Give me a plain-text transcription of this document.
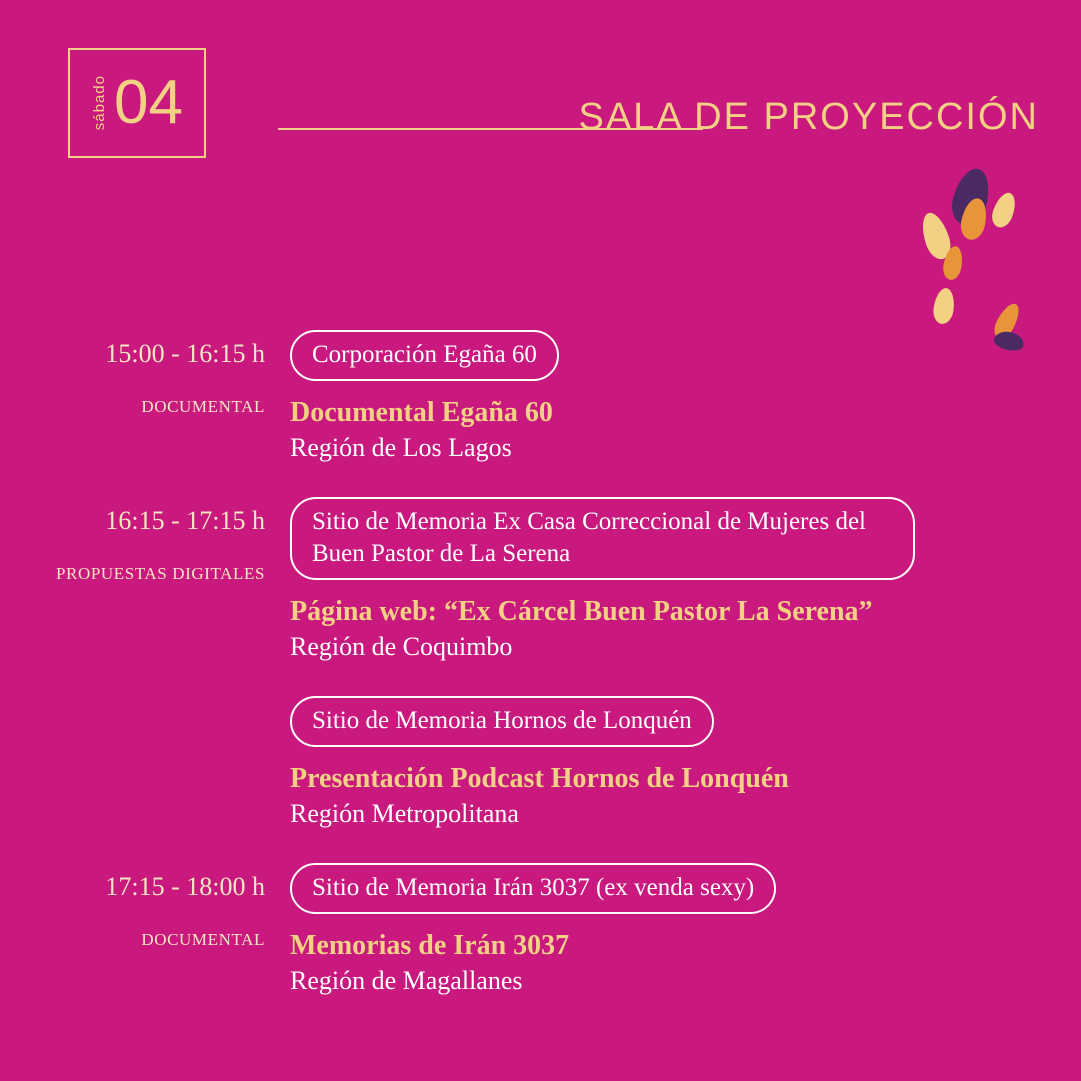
sábado 04	SALA DE PROYECCIÓN
15:00 - 16:15 h
DOCUMENTAL
Corporación Egaña 60
Documental Egaña 60
Región de Los Lagos
16:15 - 17:15 h
PROPUESTAS DIGITALES
Sitio de Memoria Ex Casa Correccional de Mujeres del Buen Pastor de La Serena
Página web: “Ex Cárcel Buen Pastor La Serena”
Región de Coquimbo
Sitio de Memoria Hornos de Lonquén
Presentación Podcast Hornos de Lonquén
Región Metropolitana
17:15 - 18:00 h
DOCUMENTAL
Sitio de Memoria Irán 3037 (ex venda sexy)
Memorias de Irán 3037
Región de Magallanes
